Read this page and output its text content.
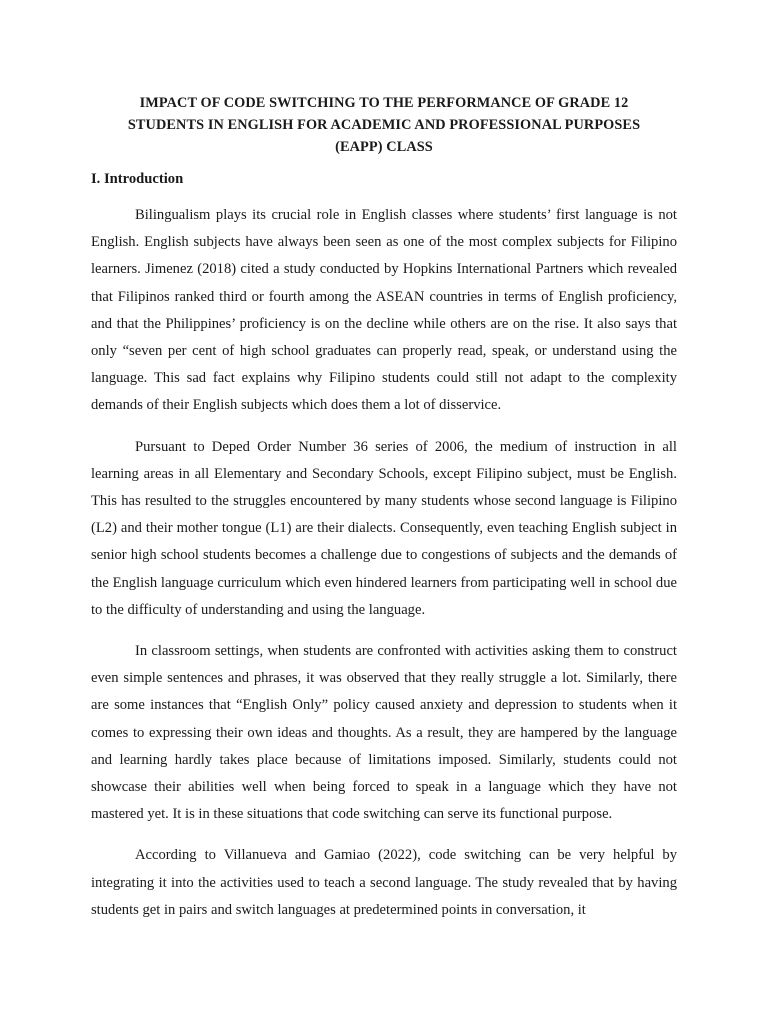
IMPACT OF CODE SWITCHING TO THE PERFORMANCE OF GRADE 12
STUDENTS IN ENGLISH FOR ACADEMIC AND PROFESSIONAL PURPOSES
(EAPP) CLASS

I. Introduction

Bilingualism plays its crucial role in English classes where students’ first language is not English. English subjects have always been seen as one of the most complex subjects for Filipino learners. Jimenez (2018) cited a study conducted by Hopkins International Partners which revealed that Filipinos ranked third or fourth among the ASEAN countries in terms of English proficiency, and that the Philippines’ proficiency is on the decline while others are on the rise. It also says that only “seven per cent of high school graduates can properly read, speak, or understand using the language. This sad fact explains why Filipino students could still not adapt to the complexity demands of their English subjects which does them a lot of disservice.

Pursuant to Deped Order Number 36 series of 2006, the medium of instruction in all learning areas in all Elementary and Secondary Schools, except Filipino subject, must be English. This has resulted to the struggles encountered by many students whose second language is Filipino (L2) and their mother tongue (L1) are their dialects. Consequently, even teaching English subject in senior high school students becomes a challenge due to congestions of subjects and the demands of the English language curriculum which even hindered learners from participating well in school due to the difficulty of understanding and using the language.

In classroom settings, when students are confronted with activities asking them to construct even simple sentences and phrases, it was observed that they really struggle a lot. Similarly, there are some instances that “English Only” policy caused anxiety and depression to students when it comes to expressing their own ideas and thoughts. As a result, they are hampered by the language and learning hardly takes place because of limitations imposed. Similarly, students could not showcase their abilities well when being forced to speak in a language which they have not mastered yet. It is in these situations that code switching can serve its functional purpose.

According to Villanueva and Gamiao (2022), code switching can be very helpful by integrating it into the activities used to teach a second language. The study revealed that by having students get in pairs and switch languages at predetermined points in conversation, it
